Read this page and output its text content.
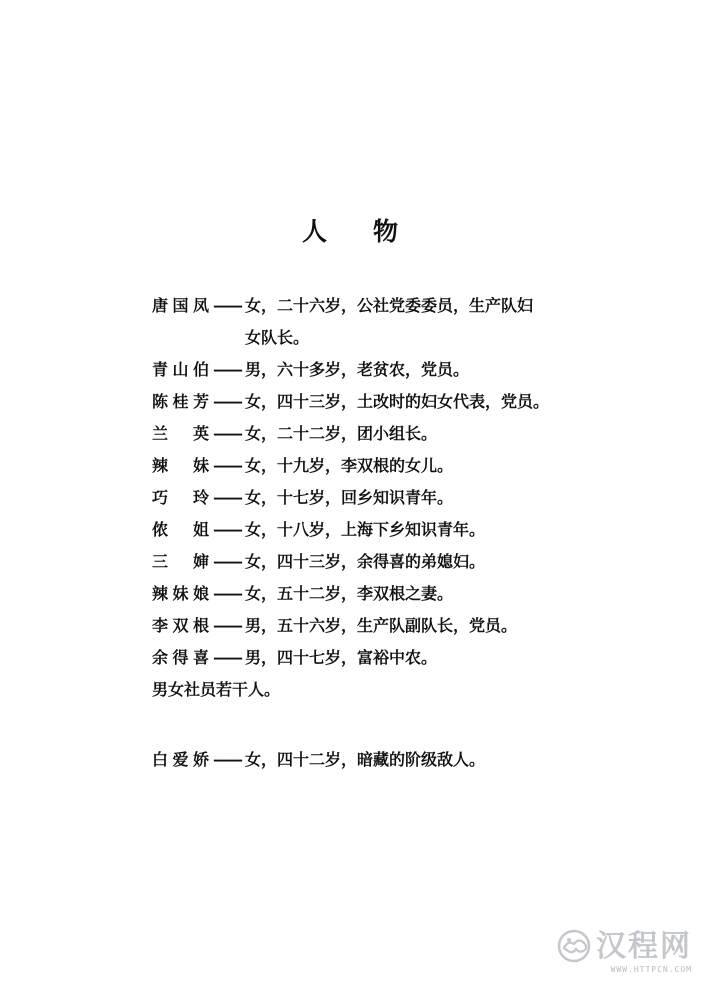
人 物
唐国凤 —— 女，二十六岁，公社党委委员，生产队妇
女队长。
青山伯 —— 男，六十多岁，老贫农，党员。
陈桂芳 —— 女，四十三岁，土改时的妇女代表，党员。
兰　英 —— 女，二十二岁，团小组长。
辣　妹 —— 女，十九岁，李双根的女儿。
巧　玲 —— 女，十七岁，回乡知识青年。
侬　姐 —— 女，十八岁，上海下乡知识青年。
三　婶 —— 女，四十三岁，余得喜的弟媳妇。
辣妹娘 —— 女，五十二岁，李双根之妻。
李双根 —— 男，五十六岁，生产队副队长，党员。
余得喜 —— 男，四十七岁，富裕中农。
男女社员若干人。
白爱娇 —— 女，四十二岁，暗藏的阶级敌人。
汉程网
WWW.HTTPCN.COM
